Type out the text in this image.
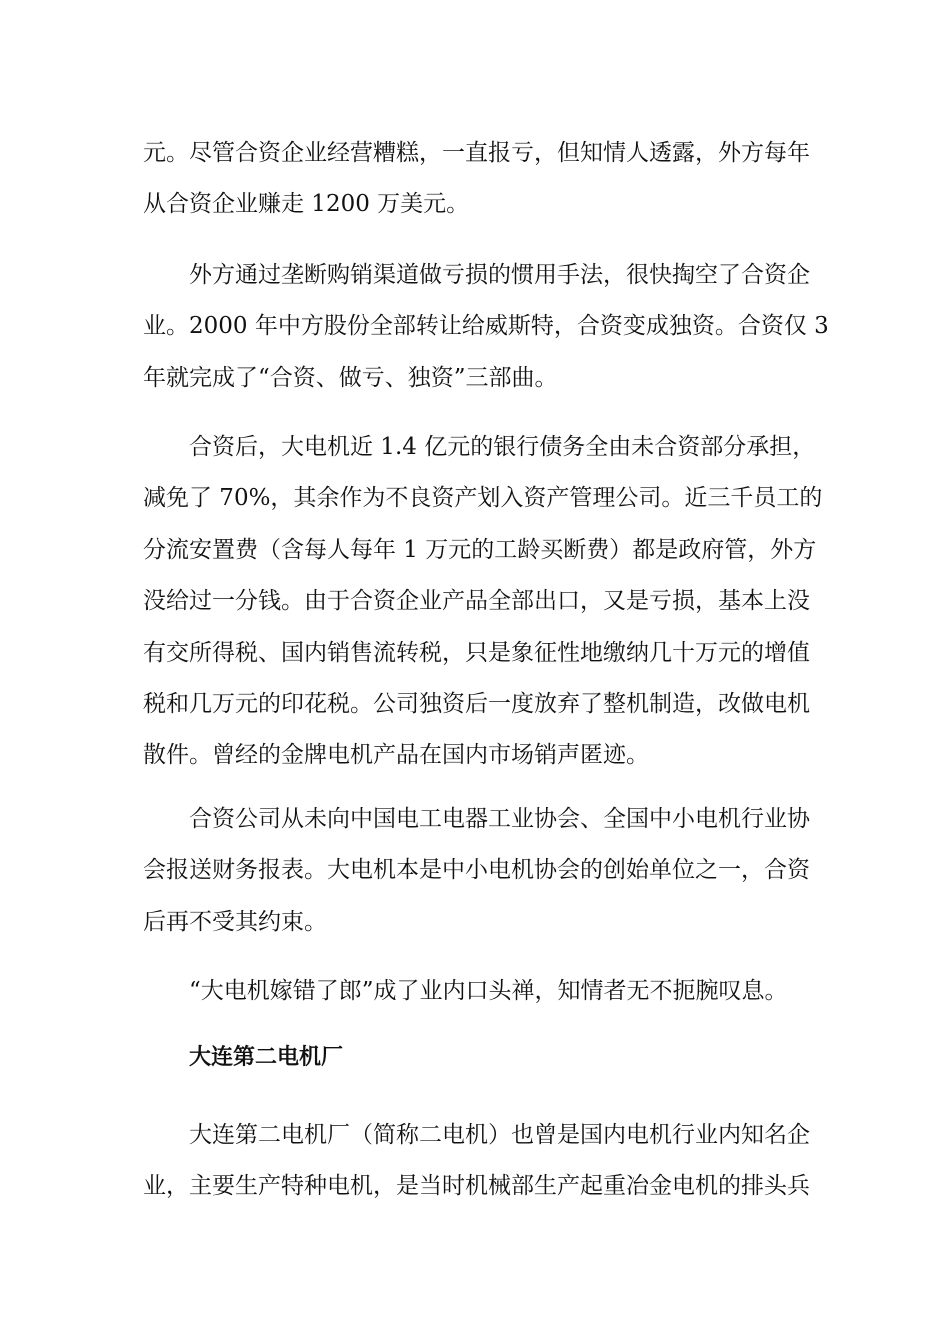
元。尽管合资企业经营糟糕，一直报亏，但知情人透露，外方每年
从合资企业赚走 1200 万美元。
外方通过垄断购销渠道做亏损的惯用手法，很快掏空了合资企
业。2000 年中方股份全部转让给威斯特，合资变成独资。合资仅 3
年就完成了“合资、做亏、独资”三部曲。
合资后，大电机近 1.4 亿元的银行债务全由未合资部分承担，
减免了 70%，其余作为不良资产划入资产管理公司。近三千员工的
分流安置费（含每人每年 1 万元的工龄买断费）都是政府管，外方
没给过一分钱。由于合资企业产品全部出口，又是亏损，基本上没
有交所得税、国内销售流转税，只是象征性地缴纳几十万元的增值
税和几万元的印花税。公司独资后一度放弃了整机制造，改做电机
散件。曾经的金牌电机产品在国内市场销声匿迹。
合资公司从未向中国电工电器工业协会、全国中小电机行业协
会报送财务报表。大电机本是中小电机协会的创始单位之一，合资
后再不受其约束。
“大电机嫁错了郎”成了业内口头禅，知情者无不扼腕叹息。
大连第二电机厂
大连第二电机厂（简称二电机）也曾是国内电机行业内知名企
业，主要生产特种电机，是当时机械部生产起重冶金电机的排头兵
